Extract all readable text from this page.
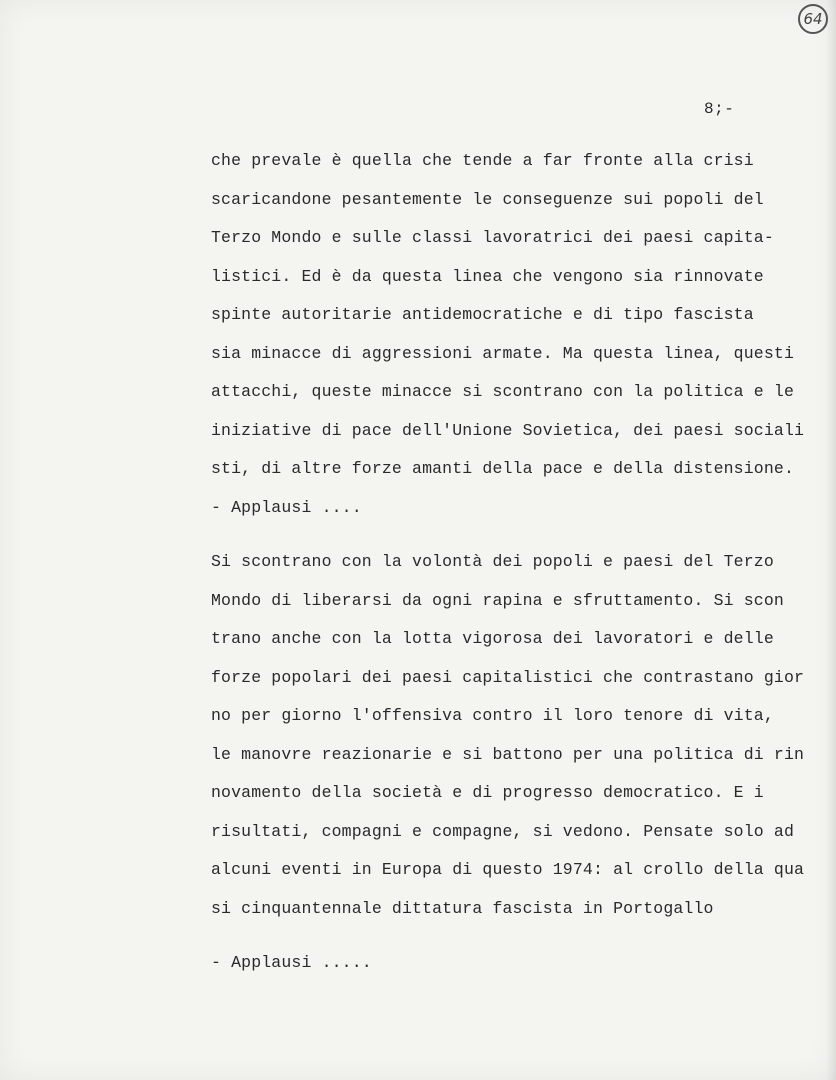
64
8;-
che prevale è quella che tende a far fronte alla crisi
scaricandone pesantemente le conseguenze sui popoli del
Terzo Mondo e sulle classi lavoratrici dei paesi capita-
listici. Ed è da questa linea che vengono sia rinnovate
spinte autoritarie antidemocratiche e di tipo fascista
sia minacce di aggressioni armate. Ma questa linea, questi
attacchi, queste minacce si scontrano con la politica e le
iniziative di pace dell'Unione Sovietica, dei paesi sociali
sti, di altre forze amanti della pace e della distensione.
- Applausi ....
Si scontrano con la volontà dei popoli e paesi del Terzo
Mondo di liberarsi da ogni rapina e sfruttamento. Si scon
trano anche con la lotta vigorosa dei lavoratori e delle
forze popolari dei paesi capitalistici che contrastano gior
no per giorno l'offensiva contro il loro tenore di vita,
le manovre reazionarie e si battono per una politica di rin
novamento della società e di progresso democratico. E i
risultati, compagni e compagne, si vedono. Pensate solo ad
alcuni eventi in Europa di questo 1974: al crollo della qua
si cinquantennale dittatura fascista in Portogallo
- Applausi .....
